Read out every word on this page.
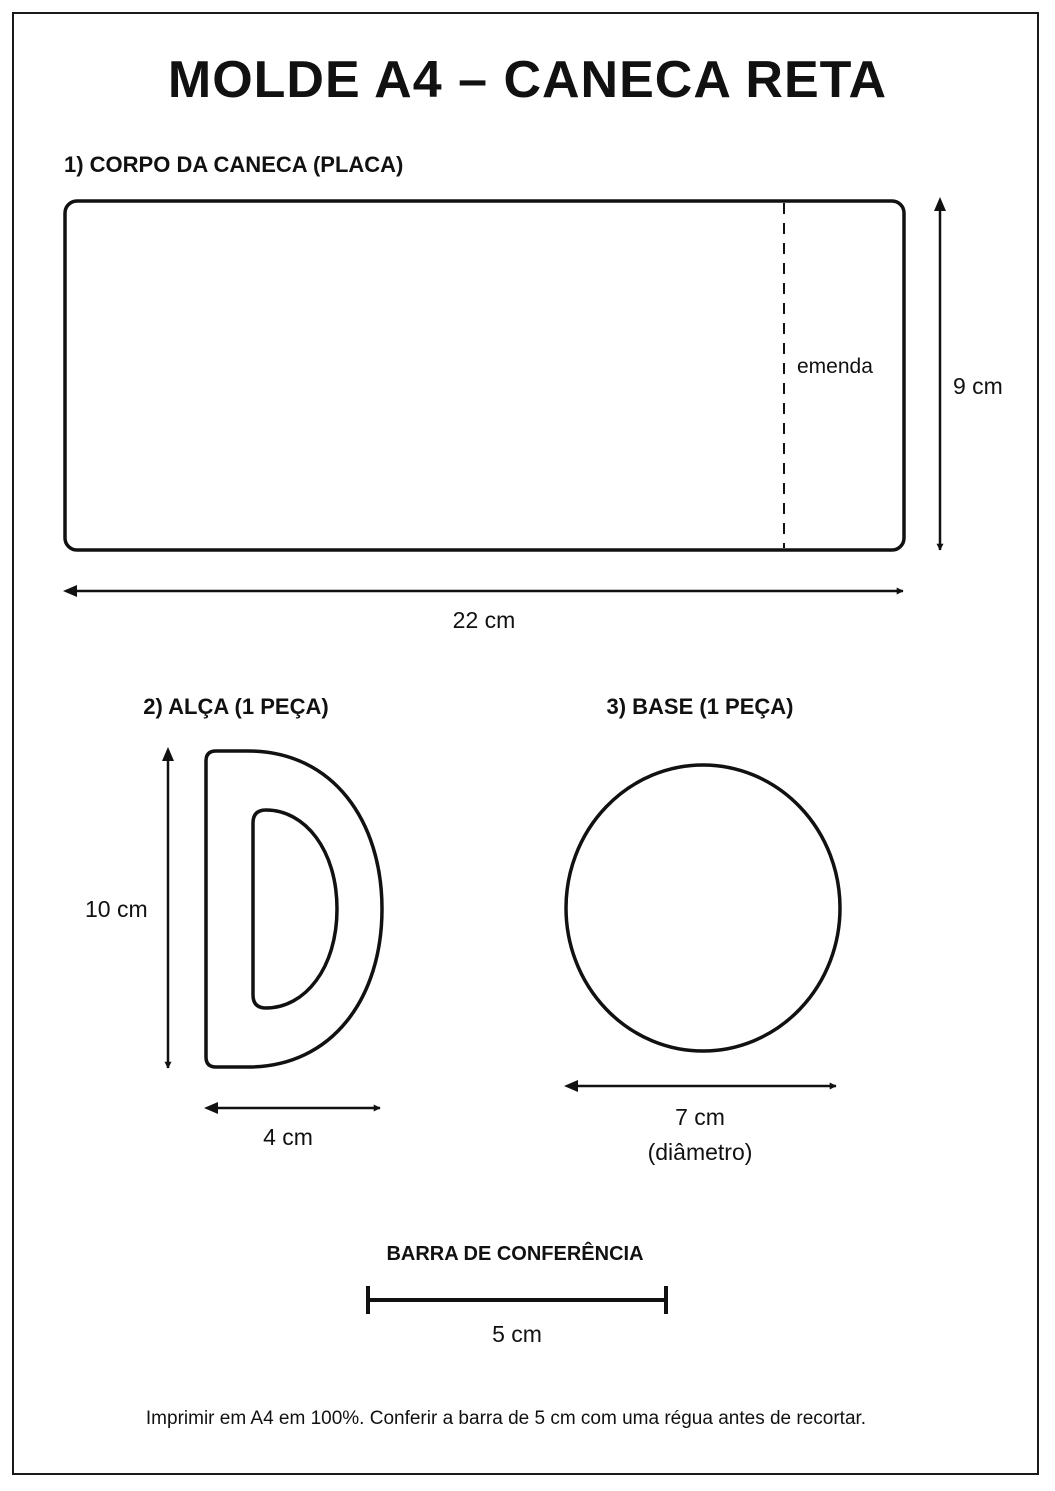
MOLDE A4 – CANECA RETA
1) CORPO DA CANECA (PLACA)
emenda
9 cm
22 cm
2) ALÇA (1 PEÇA)
10 cm
4 cm
3) BASE (1 PEÇA)
7 cm
(diâmetro)
BARRA DE CONFERÊNCIA
5 cm
Imprimir em A4 em 100%. Conferir a barra de 5 cm com uma régua antes de recortar.
